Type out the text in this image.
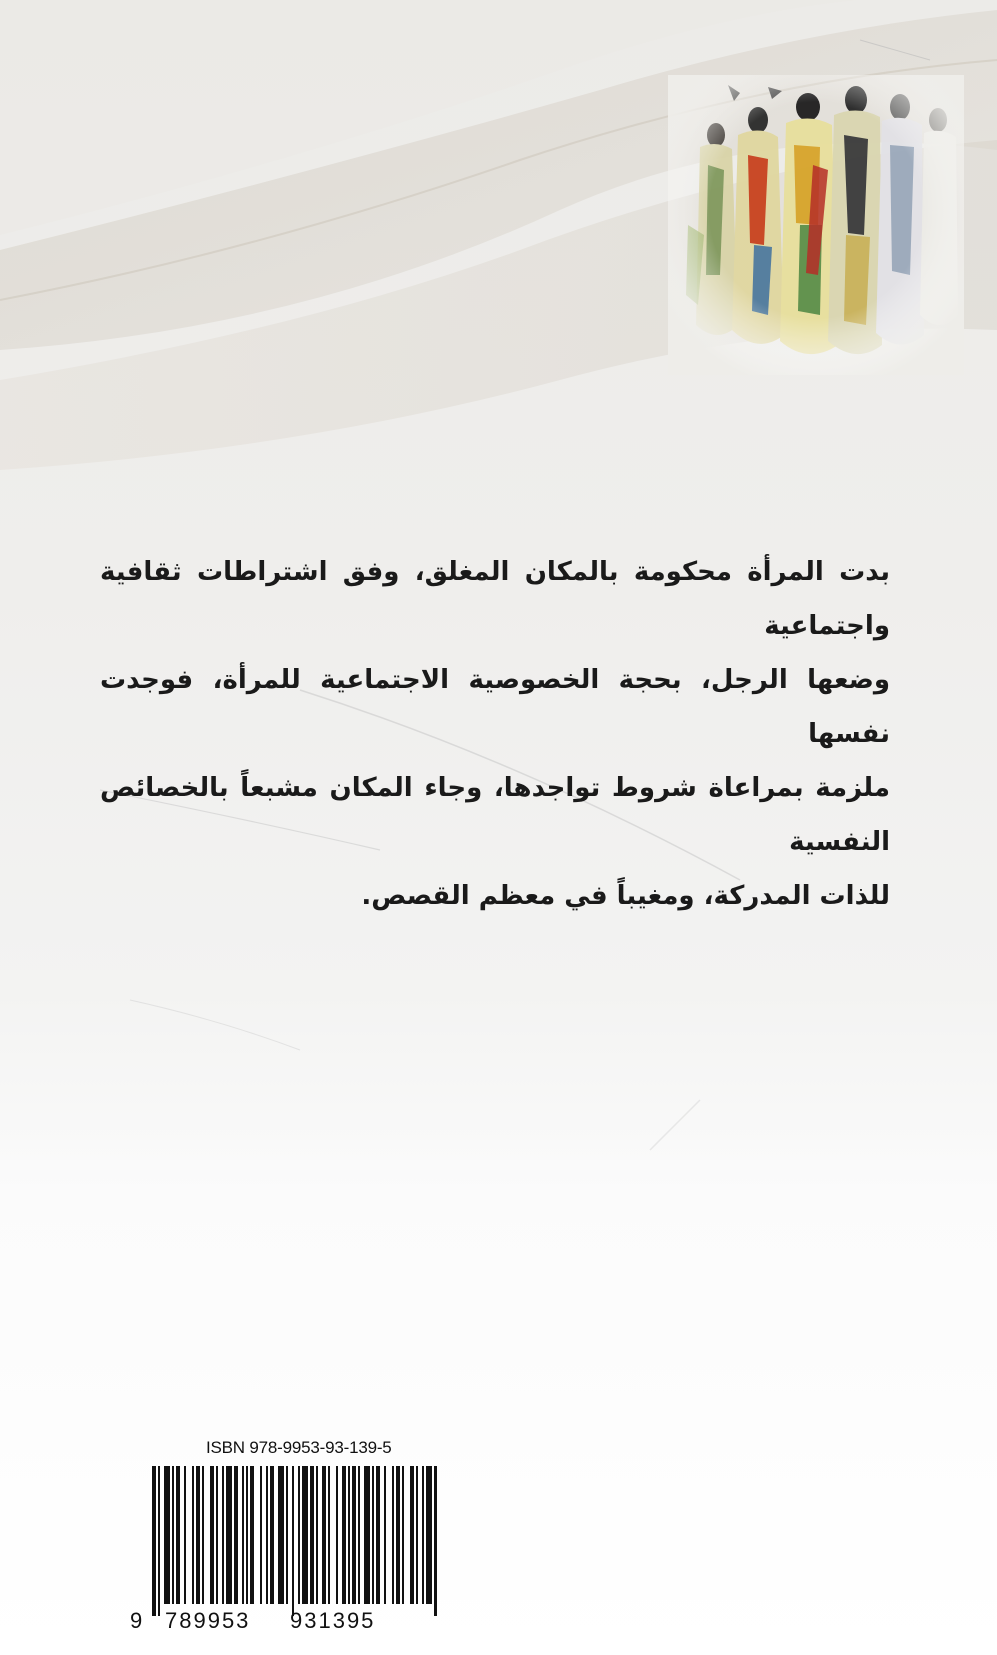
بدت المرأة محكومة بالمكان المغلق، وفق اشتراطات ثقافية واجتماعية
وضعها الرجل، بحجة الخصوصية الاجتماعية للمرأة، فوجدت نفسها
ملزمة بمراعاة شروط تواجدها، وجاء المكان مشبعاً بالخصائص النفسية
للذات المدركة، ومغيباً في معظم القصص.
ISBN 978-9953-93-139-5
9 789953 931395
